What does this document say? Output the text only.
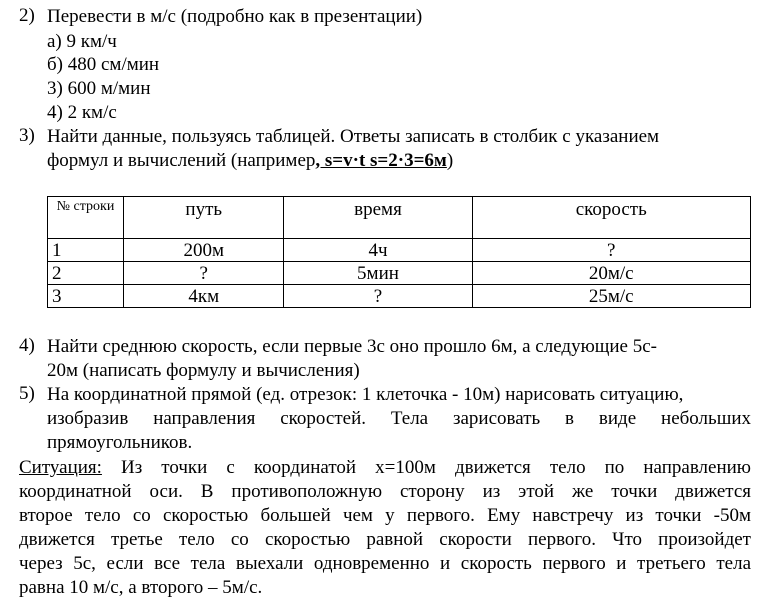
2) Перевести в м/с (подробно как в презентации)
а) 9 км/ч
б) 480 см/мин
3) 600 м/мин
4) 2 км/с
3) Найти данные, пользуясь таблицей. Ответы записать в столбик с указанием
формул и вычислений (например, s=v·t s=2·3=6м)
№ строки	путь	время	скорость
1	200м	4ч	?
2	?	5мин	20м/с
3	4км	?	25м/с
4) Найти среднюю скорость, если первые 3с оно прошло 6м, а следующие 5с-
20м (написать формулу и вычисления)
5) На координатной прямой (ед. отрезок: 1 клеточка - 10м) нарисовать ситуацию,
изобразив направления скоростей. Тела зарисовать в виде небольших
прямоугольников.
Ситуация: Из точки с координатой x=100м движется тело по направлению
координатной оси. В противоположную сторону из этой же точки движется
второе тело со скоростью большей чем у первого. Ему навстречу из точки -50м
движется третье тело со скоростью равной скорости первого. Что произойдет
через 5с, если все тела выехали одновременно и скорость первого и третьего тела
равна 10 м/с, а второго – 5м/с.
